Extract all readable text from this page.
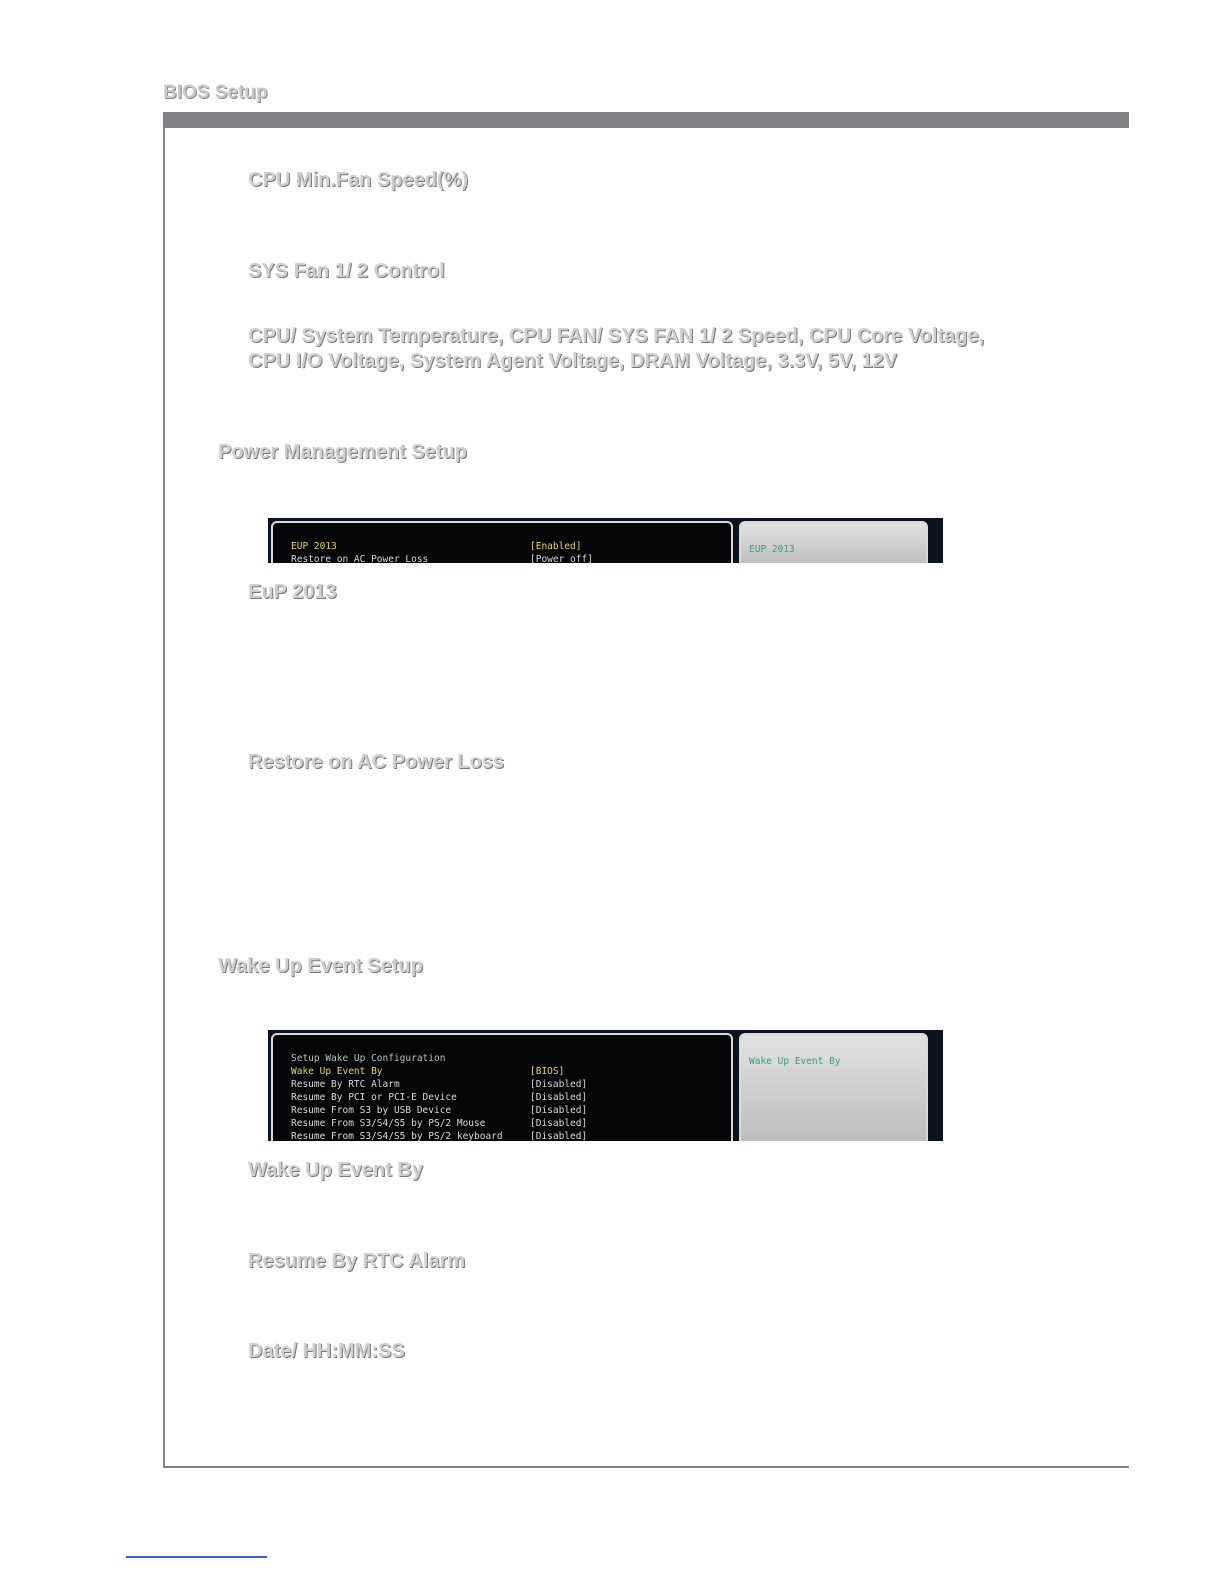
BIOS Setup
CPU Min.Fan Speed(%)
SYS Fan 1/ 2 Control

CPU/ System Temperature, CPU FAN/ SYS FAN 1/ 2 Speed, CPU Core Voltage,
CPU I/O Voltage, System Agent Voltage, DRAM Voltage, 3.3V, 5V, 12V

Power Management Setup
EUP 2013	[Enabled]
Restore on AC Power Loss	[Power off]
EUP 2013
EuP 2013
Restore on AC Power Loss
Wake Up Event Setup
Setup Wake Up Configuration
Wake Up Event By	[BIOS]
Resume By RTC Alarm	[Disabled]
Resume By PCI or PCI-E Device	[Disabled]
Resume From S3 by USB Device	[Disabled]
Resume From S3/S4/S5 by PS/2 Mouse	[Disabled]
Resume From S3/S4/S5 by PS/2 keyboard	[Disabled]
Wake Up Event By
Wake Up Event By
Resume By RTC Alarm
Date/ HH:MM:SS
